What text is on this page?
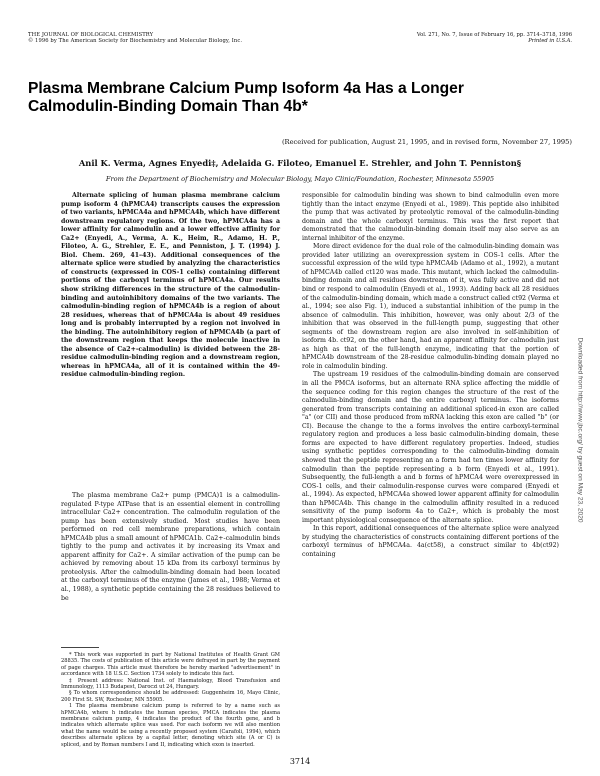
THE JOURNAL OF BIOLOGICAL CHEMISTRY
© 1996 by The American Society for Biochemistry and Molecular Biology, Inc.
Vol. 271, No. 7, Issue of February 16, pp. 3714–3718, 1996
Printed in U.S.A.
Plasma Membrane Calcium Pump Isoform 4a Has a Longer Calmodulin-Binding Domain Than 4b*
(Received for publication, August 21, 1995, and in revised form, November 27, 1995)
Anil K. Verma, Agnes Enyedi‡, Adelaida G. Filoteo, Emanuel E. Strehler, and John T. Penniston§
From the Department of Biochemistry and Molecular Biology, Mayo Clinic/Foundation, Rochester, Minnesota 55905

Alternate splicing of human plasma membrane calcium pump isoform 4 (hPMCA4) transcripts causes the expression of two variants, hPMCA4a and hPMCA4b, which have different downstream regulatory regions. Of the two, hPMCA4a has a lower affinity for calmodulin and a lower effective affinity for Ca2+ (Enyedi, A., Verma, A. K., Heim, R., Adamo, H. P., Filoteo, A. G., Strehler, E. E., and Penniston, J. T. (1994) J. Biol. Chem. 269, 41–43). Additional consequences of the alternate splice were studied by analyzing the characteristics of constructs (expressed in COS-1 cells) containing different portions of the carboxyl terminus of hPMCA4a. Our results show striking differences in the structure of the calmodulin-binding and autoinhibitory domains of the two variants. The calmodulin-binding region of hPMCA4b is a region of about 28 residues, whereas that of hPMCA4a is about 49 residues long and is probably interrupted by a region not involved in the binding. The autoinhibitory region of hPMCA4b (a part of the downstream region that keeps the molecule inactive in the absence of Ca2+-calmodulin) is divided between the 28-residue calmodulin-binding region and a downstream region, whereas in hPMCA4a, all of it is contained within the 49-residue calmodulin-binding region.

The plasma membrane Ca2+ pump (PMCA)1 is a calmodulin-regulated P-type ATPase that is an essential element in controlling intracellular Ca2+ concentration. The calmodulin regulation of the pump has been extensively studied. Most studies have been performed on red cell membrane preparations, which contain hPMCA4b plus a small amount of hPMCA1b. Ca2+-calmodulin binds tightly to the pump and activates it by increasing its Vmax and apparent affinity for Ca2+. A similar activation of the pump can be achieved by removing about 15 kDa from its carboxyl terminus by proteolysis. After the calmodulin-binding domain had been located at the carboxyl terminus of the enzyme (James et al., 1988; Verma et al., 1988), a synthetic peptide containing the 28 residues believed to be

* This work was supported in part by National Institutes of Health Grant GM 28835. The costs of publication of this article were defrayed in part by the payment of page charges. This article must therefore be hereby marked "advertisement" in accordance with 18 U.S.C. Section 1734 solely to indicate this fact.

‡ Present address: National Inst. of Haematology, Blood Transfusion and Immunology, 1113 Budapest, Daroczi ut 24, Hungary.

§ To whom correspondence should be addressed: Guggenheim 16, Mayo Clinic, 200 First St. SW, Rochester, MN 55905.

1 The plasma membrane calcium pump is referred to by a name such as hPMCA4b, where h indicates the human species, PMCA indicates the plasma membrane calcium pump, 4 indicates the product of the fourth gene, and b indicates which alternate splice was used. For each isoform we will also mention what the name would be using a recently proposed system (Carafoli, 1994), which describes alternate splices by a capital letter, denoting which site (A or C) is spliced, and by Roman numbers I and II, indicating which exon is inserted.

responsible for calmodulin binding was shown to bind calmodulin even more tightly than the intact enzyme (Enyedi et al., 1989). This peptide also inhibited the pump that was activated by proteolytic removal of the calmodulin-binding domain and the whole carboxyl terminus. This was the first report that demonstrated that the calmodulin-binding domain itself may also serve as an internal inhibitor of the enzyme.

More direct evidence for the dual role of the calmodulin-binding domain was provided later utilizing an overexpression system in COS-1 cells. After the successful expression of the wild type hPMCA4b (Adamo et al., 1992), a mutant of hPMCA4b called ct120 was made. This mutant, which lacked the calmodulin-binding domain and all residues downstream of it, was fully active and did not bind or respond to calmodulin (Enyedi et al., 1993). Adding back all 28 residues of the calmodulin-binding domain, which made a construct called ct92 (Verma et al., 1994; see also Fig. 1), induced a substantial inhibition of the pump in the absence of calmodulin. This inhibition, however, was only about 2/3 of the inhibition that was observed in the full-length pump, suggesting that other segments of the downstream region are also involved in self-inhibition of isoform 4b. ct92, on the other hand, had an apparent affinity for calmodulin just as high as that of the full-length enzyme, indicating that the portion of hPMCA4b downstream of the 28-residue calmodulin-binding domain played no role in calmodulin binding.

The upstream 19 residues of the calmodulin-binding domain are conserved in all the PMCA isoforms, but an alternate RNA splice affecting the middle of the sequence coding for this region changes the structure of the rest of the calmodulin-binding domain and the entire carboxyl terminus. The isoforms generated from transcripts containing an additional spliced-in exon are called "a" (or CII) and those produced from mRNA lacking this exon are called "b" (or CI). Because the change to the a forms involves the entire carboxyl-terminal regulatory region and produces a less basic calmodulin-binding domain, these forms are expected to have different regulatory properties. Indeed, studies using synthetic peptides corresponding to the calmodulin-binding domain showed that the peptide representing an a form had ten times lower affinity for calmodulin than the peptide representing a b form (Enyedi et al., 1991). Subsequently, the full-length a and b forms of hPMCA4 were overexpressed in COS-1 cells, and their calmodulin-response curves were compared (Enyedi et al., 1994). As expected, hPMCA4a showed lower apparent affinity for calmodulin than hPMCA4b. This change in the calmodulin affinity resulted in a reduced sensitivity of the pump isoform 4a to Ca2+, which is probably the most important physiological consequence of the alternate splice.

In this report, additional consequences of the alternate splice were analyzed by studying the characteristics of constructs containing different portions of the carboxyl terminus of hPMCA4a. 4a(ct58), a construct similar to 4b(ct92) containing

Downloaded from http://www.jbc.org/ by guest on May 23, 2020
3714
